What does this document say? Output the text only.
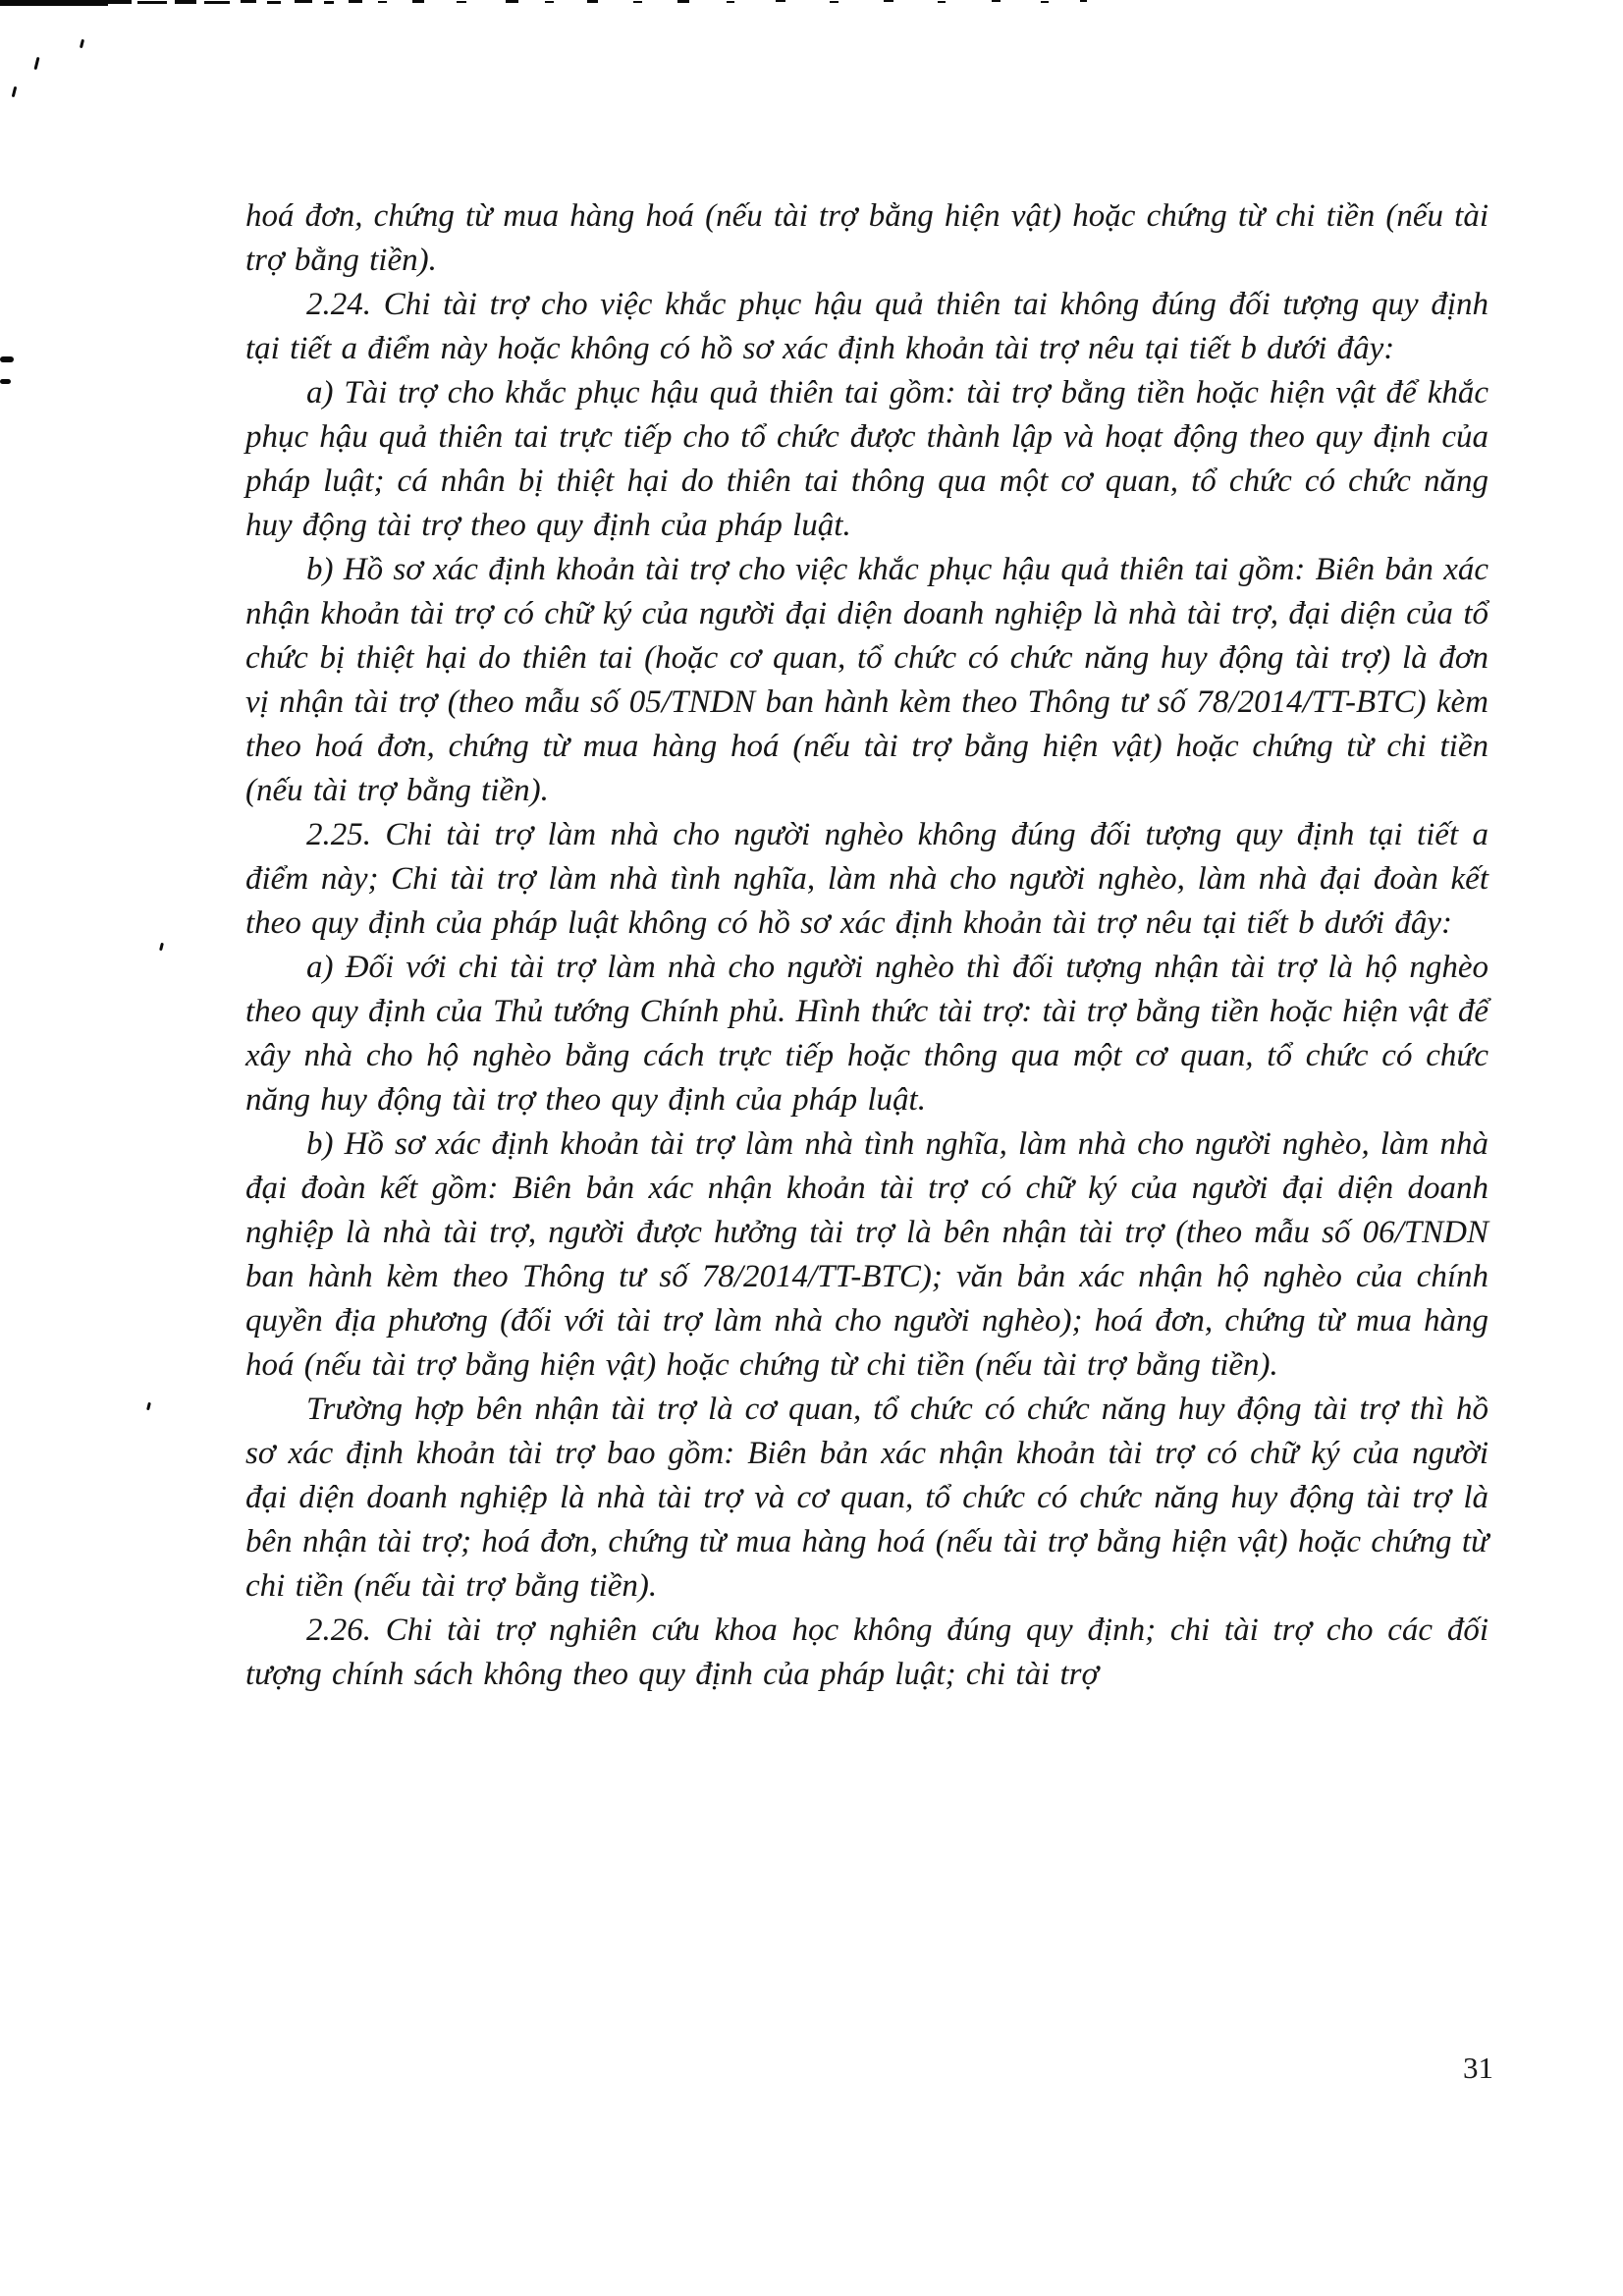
hoá đơn, chứng từ mua hàng hoá (nếu tài trợ bằng hiện vật) hoặc chứng từ chi tiền (nếu tài trợ bằng tiền).

2.24. Chi tài trợ cho việc khắc phục hậu quả thiên tai không đúng đối tượng quy định tại tiết a điểm này hoặc không có hồ sơ xác định khoản tài trợ nêu tại tiết b dưới đây:

a) Tài trợ cho khắc phục hậu quả thiên tai gồm: tài trợ bằng tiền hoặc hiện vật để khắc phục hậu quả thiên tai trực tiếp cho tổ chức được thành lập và hoạt động theo quy định của pháp luật; cá nhân bị thiệt hại do thiên tai thông qua một cơ quan, tổ chức có chức năng huy động tài trợ theo quy định của pháp luật.

b) Hồ sơ xác định khoản tài trợ cho việc khắc phục hậu quả thiên tai gồm: Biên bản xác nhận khoản tài trợ có chữ ký của người đại diện doanh nghiệp là nhà tài trợ, đại diện của tổ chức bị thiệt hại do thiên tai (hoặc cơ quan, tổ chức có chức năng huy động tài trợ) là đơn vị nhận tài trợ (theo mẫu số 05/TNDN ban hành kèm theo Thông tư số 78/2014/TT-BTC) kèm theo hoá đơn, chứng từ mua hàng hoá (nếu tài trợ bằng hiện vật) hoặc chứng từ chi tiền (nếu tài trợ bằng tiền).

2.25. Chi tài trợ làm nhà cho người nghèo không đúng đối tượng quy định tại tiết a điểm này; Chi tài trợ làm nhà tình nghĩa, làm nhà cho người nghèo, làm nhà đại đoàn kết theo quy định của pháp luật không có hồ sơ xác định khoản tài trợ nêu tại tiết b dưới đây:

a) Đối với chi tài trợ làm nhà cho người nghèo thì đối tượng nhận tài trợ là hộ nghèo theo quy định của Thủ tướng Chính phủ. Hình thức tài trợ: tài trợ bằng tiền hoặc hiện vật để xây nhà cho hộ nghèo bằng cách trực tiếp hoặc thông qua một cơ quan, tổ chức có chức năng huy động tài trợ theo quy định của pháp luật.

b) Hồ sơ xác định khoản tài trợ làm nhà tình nghĩa, làm nhà cho người nghèo, làm nhà đại đoàn kết gồm: Biên bản xác nhận khoản tài trợ có chữ ký của người đại diện doanh nghiệp là nhà tài trợ, người được hưởng tài trợ là bên nhận tài trợ (theo mẫu số 06/TNDN ban hành kèm theo Thông tư số 78/2014/TT-BTC); văn bản xác nhận hộ nghèo của chính quyền địa phương (đối với tài trợ làm nhà cho người nghèo); hoá đơn, chứng từ mua hàng hoá (nếu tài trợ bằng hiện vật) hoặc chứng từ chi tiền (nếu tài trợ bằng tiền).

Trường hợp bên nhận tài trợ là cơ quan, tổ chức có chức năng huy động tài trợ thì hồ sơ xác định khoản tài trợ bao gồm: Biên bản xác nhận khoản tài trợ có chữ ký của người đại diện doanh nghiệp là nhà tài trợ và cơ quan, tổ chức có chức năng huy động tài trợ là bên nhận tài trợ; hoá đơn, chứng từ mua hàng hoá (nếu tài trợ bằng hiện vật) hoặc chứng từ chi tiền (nếu tài trợ bằng tiền).

2.26. Chi tài trợ nghiên cứu khoa học không đúng quy định; chi tài trợ cho các đối tượng chính sách không theo quy định của pháp luật; chi tài trợ

31
